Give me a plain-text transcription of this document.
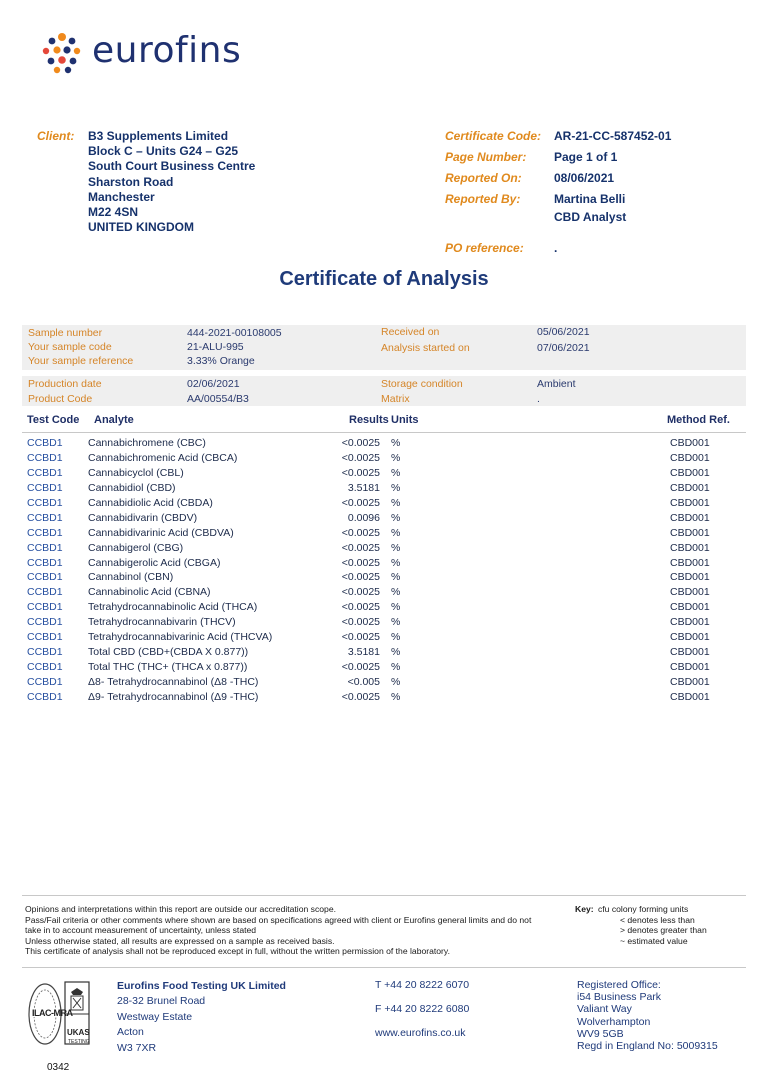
eurofins
Client: B3 Supplements Limited
Block C – Units G24 – G25
South Court Business Centre
Sharston Road
Manchester
M22 4SN
UNITED KINGDOM
Certificate Code: AR-21-CC-587452-01
Page Number: Page 1 of 1
Reported On:	08/06/2021
Reported By:	Martina Belli
CBD Analyst
PO reference:	.
Certificate of Analysis
Sample number	444-2021-00108005
Your sample code	21-ALU-995
Your sample reference	3.33% Orange
Received on	05/06/2021
Analysis started on	07/06/2021
Production date	02/06/2021
Product Code	AA/00554/B3
Storage condition	Ambient
Matrix	.
Test Code Analyte	Results Units	Method Ref.
CCBD1 Cannabichromene (CBC)	<0.0025 %	CBD001
CCBD1 Cannabichromenic Acid (CBCA)	<0.0025 %	CBD001
CCBD1 Cannabicyclol (CBL)	<0.0025 %	CBD001
CCBD1 Cannabidiol (CBD)	3.5181 %	CBD001
CCBD1 Cannabidiolic Acid (CBDA)	<0.0025 %	CBD001
CCBD1 Cannabidivarin (CBDV)	0.0096 %	CBD001
CCBD1 Cannabidivarinic Acid (CBDVA)	<0.0025 %	CBD001
CCBD1 Cannabigerol (CBG)	<0.0025 %	CBD001
CCBD1 Cannabigerolic Acid (CBGA)	<0.0025 %	CBD001
CCBD1 Cannabinol (CBN)	<0.0025 %	CBD001
CCBD1 Cannabinolic Acid (CBNA)	<0.0025 %	CBD001
CCBD1 Tetrahydrocannabinolic Acid (THCA)	<0.0025 %	CBD001
CCBD1 Tetrahydrocannabivarin (THCV)	<0.0025 %	CBD001
CCBD1 Tetrahydrocannabivarinic Acid (THCVA)	<0.0025 %	CBD001
CCBD1 Total CBD (CBD+(CBDA X 0.877))	3.5181 %	CBD001
CCBD1 Total THC (THC+ (THCA x 0.877))	<0.0025 %	CBD001
CCBD1 Δ8- Tetrahydrocannabinol (Δ8 -THC)	<0.005 %	CBD001
CCBD1 Δ9- Tetrahydrocannabinol (Δ9 -THC)	<0.0025 %	CBD001
Opinions and interpretations within this report are outside our accreditation scope.
Pass/Fail criteria or other comments where shown are based on specifications agreed with client or Eurofins general limits and do not
take in to account measurement of uncertainty, unless stated
Unless otherwise stated, all results are expressed on a sample as received basis.
This certificate of analysis shall not be reproduced except in full, without the written permission of the laboratory.
Key: cfu colony forming units
< denotes less than
> denotes greater than
~ estimated value
ILAC-MRA
UKAS
TESTING
0342
Eurofins Food Testing UK Limited
28-32 Brunel Road
Westway Estate
Acton
W3 7XR
T +44 20 8222 6070
F +44 20 8222 6080
www.eurofins.co.uk
Registered Office:
i54 Business Park
Valiant Way
Wolverhampton
WV9 5GB
Regd in England No: 5009315
